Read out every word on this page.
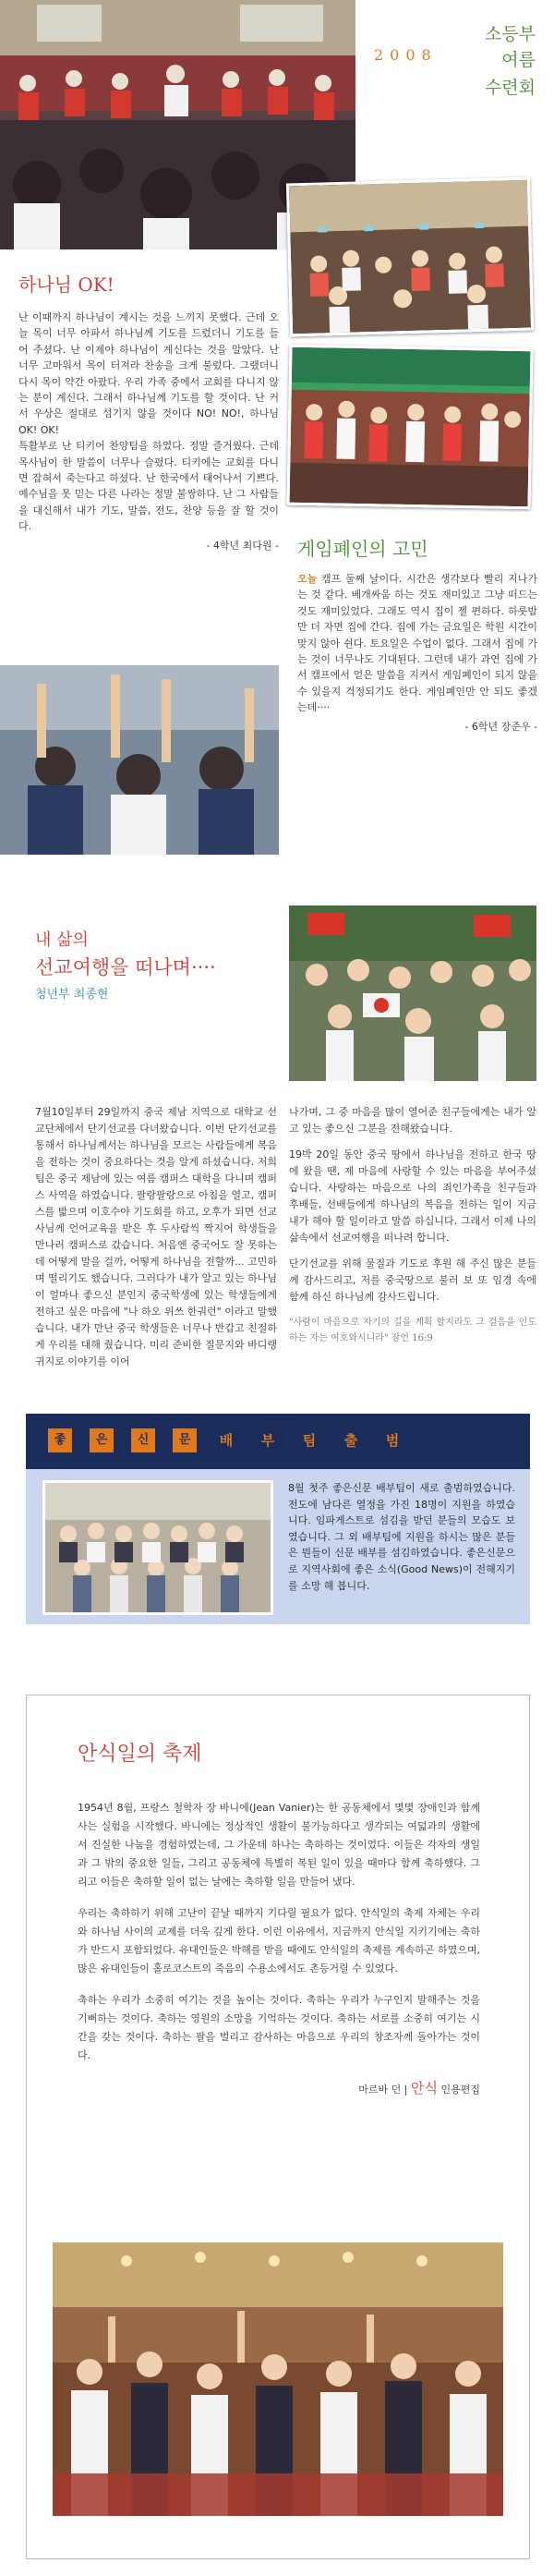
소등부
2008	여름
수련회
하나님 OK!

난 이때까지 하나님이 계시는 것을 느끼지 못했다. 근데 오늘 목이 너무 아파서 하나님께 기도를 드렸더니 기도를 들어 주셨다. 난 이제야 하나님이 계신다는 것을 알았다. 난 너무 고마워서 목이 터져라 찬송을 크게 불렀다. 그랬더니 다시 목이 약간 아팠다. 우리 가족 중에서 교회를 다니지 않는 분이 계신다. 그래서 하나님께 기도를 할 것이다. 난 커서 우상은 절대로 섬기지 않을 것이다 NO! NO!, 하나님 OK! OK!

특활부로 난 티키어 찬양팀을 하였다. 정말 즐거웠다. 근데 목사님이 한 말씀이 너무나 슬펐다. 티키에는 교회를 다니면 잡혀서 죽는다고 하셨다. 난 한국에서 태어나서 기쁘다. 예수님을 못 믿는 다른 나라는 정말 불쌍하다. 난 그 사람들을 대신해서 내가 기도, 말씀, 전도, 찬양 등을 잘 할 것이다.

- 4학년 최다원 - 게임폐인의 고민

오늘 캠프 둘째 날이다. 시간은 생각보다 빨리 지나가는 것 같다. 베개싸움 하는 것도 재미있고 그냥 떠드는 것도 재미있었다. 그래도 역시 집이 젤 편하다. 하룻밤만 더 자면 집에 간다. 집에 가는 금요일은 학원 시간이 맞지 않아 쉰다. 토요일은 수업이 없다. 그래서 집에 가는 것이 너무나도 기대된다. 그런데 내가 과연 집에 가서 캠프에서 얻은 말씀을 지켜서 게임폐인이 되지 않을 수 있을지 걱정되기도 한다. 게임폐인만 안 되도 좋겠는데····

- 6학년 장준우 -

내 삶의
선교여행을 떠나며····
청년부 최종현

7월10일부터 29일까지 중국 제남 지역으로 대학교 선교단체에서 단기선교를 다녀왔습니다. 이번 단기선교를 통해서 하나님께서는 하나님을 모르는 사람들에게 복음을 전하는 것이 중요하다는 것을 알게 하셨습니다. 저희 팀은 중국 제남에 있는 여름 캠퍼스 대학을 다니며 캠퍼스 사역을 하였습니다. 팔랑팔랑으로 아침을 열고, 캠퍼스를 밟으며 이호수야 기도회를 하고, 오후가 되면 선교사님께 언어교육을 받은 후 두사람씩 짝지어 학생들을 만나러 캠퍼스로 갔습니다. 처음엔 중국어도 잘 못하는데 어떻게 말을 걸까, 어떻게 하나님을 전할까... 고민하며 떨리기도 했습니다. 그러다가 내가 알고 있는 하나님이 얼마나 좋으신 분인지 중국학생에 있는 학생들에게 전하고 싶은 마음에 "나 하오 위쓰 한궈런" 이라고 말했습니다. 내가 만난 중국 학생들은 너무나 반갑고 친절하게 우리를 대해 줬습니다. 미리 준비한 질문지와 바디랭귀지로 이야기를 이어

나가며, 그 중 마음을 많이 열어준 친구들에게는 내가 알고 있는 좋으신 그분을 전해왔습니다.

19박 20일 동안 중국 땅에서 하나님을 전하고 한국 땅에 왔을 땐, 제 마음에 사랑할 수 있는 마음을 부어주셨습니다. 사랑하는 마음으로 나의 죄인가족을 친구들과 후배들, 선배들에게 하나님의 복음을 전하는 일이 지금 내가 해야 할 일이라고 말씀 하십니다. 그래서 이제 나의 삶속에서 선교여행을 떠나려 합니다.

단기선교를 위해 물질과 기도로 후원 해 주신 많은 분들께 감사드리고, 저를 중국땅으로 불러 보 또 임경 속에 함께 하신 하나님께 감사드립니다.

"사람이 마음으로 자기의 길을 계획 할지라도 그 걸음을 인도하는 자는 여호와시니라" 잠언 16:9

좋	은	신	문	배	부	팀	출	범

8월 첫주 좋은신문 배부팀이 새로 출범하였습니다. 전도에 남다른 열정을 가진 18명이 지원을 하였습니다. 임파게스트로 섬김을 받던 분들의 모습도 보였습니다. 그 외 배부팀에 지원을 하시는 많은 분들은 뭔들이 신문 배부를 섬김하였습니다. 좋은신문으로 지역사회에 좋은 소식(Good News)이 전해지기를 소망 해 봅니다.

안식일의 축제

1954년 8월, 프랑스 철학자 장 바니에(Jean Vanier)는 한 공동체에서 몇몇 장애인과 함께 사는 실험을 시작했다. 바니에는 정상적인 생활이 불가능하다고 생각되는 여덟과의 생활에서 진실한 나눔을 경험하였는데, 그 가운데 하나는 축하하는 것이었다. 이들은 각자의 생일과 그 밖의 중요한 일들, 그리고 공동체에 특별히 복된 일이 있을 때마다 함께 축하했다. 그리고 이들은 축하할 일이 없는 날에는 축하할 일을 만들어 냈다.

우리는 축하하기 위해 고난이 끝날 때까지 기다릴 필요가 없다. 안식일의 축제 자체는 우리와 하나님 사이의 교제를 더욱 깊게 한다. 이런 이유에서, 지금까지 안식일 지키기에는 축하가 반드시 포함되었다. 유대인들은 박해를 받을 때에도 안식일의 축제를 계속하곤 하였으며, 많은 유대인들이 홀로코스트의 죽음의 수용소에서도 촌등거릴 수 있었다.

축하는 우리가 소중히 여기는 것을 높이는 것이다. 축하는 우리가 누구인지 말해주는 것을 기뻐하는 것이다. 축하는 영원의 소망을 기억하는 것이다. 축하는 서로를 소중히 여기는 시간을 갖는 것이다. 축하는 팔을 벌리고 감사하는 마음으로 우리의 창조자께 돌아가는 것이다.

마르바 던 | 안식 인용편집
